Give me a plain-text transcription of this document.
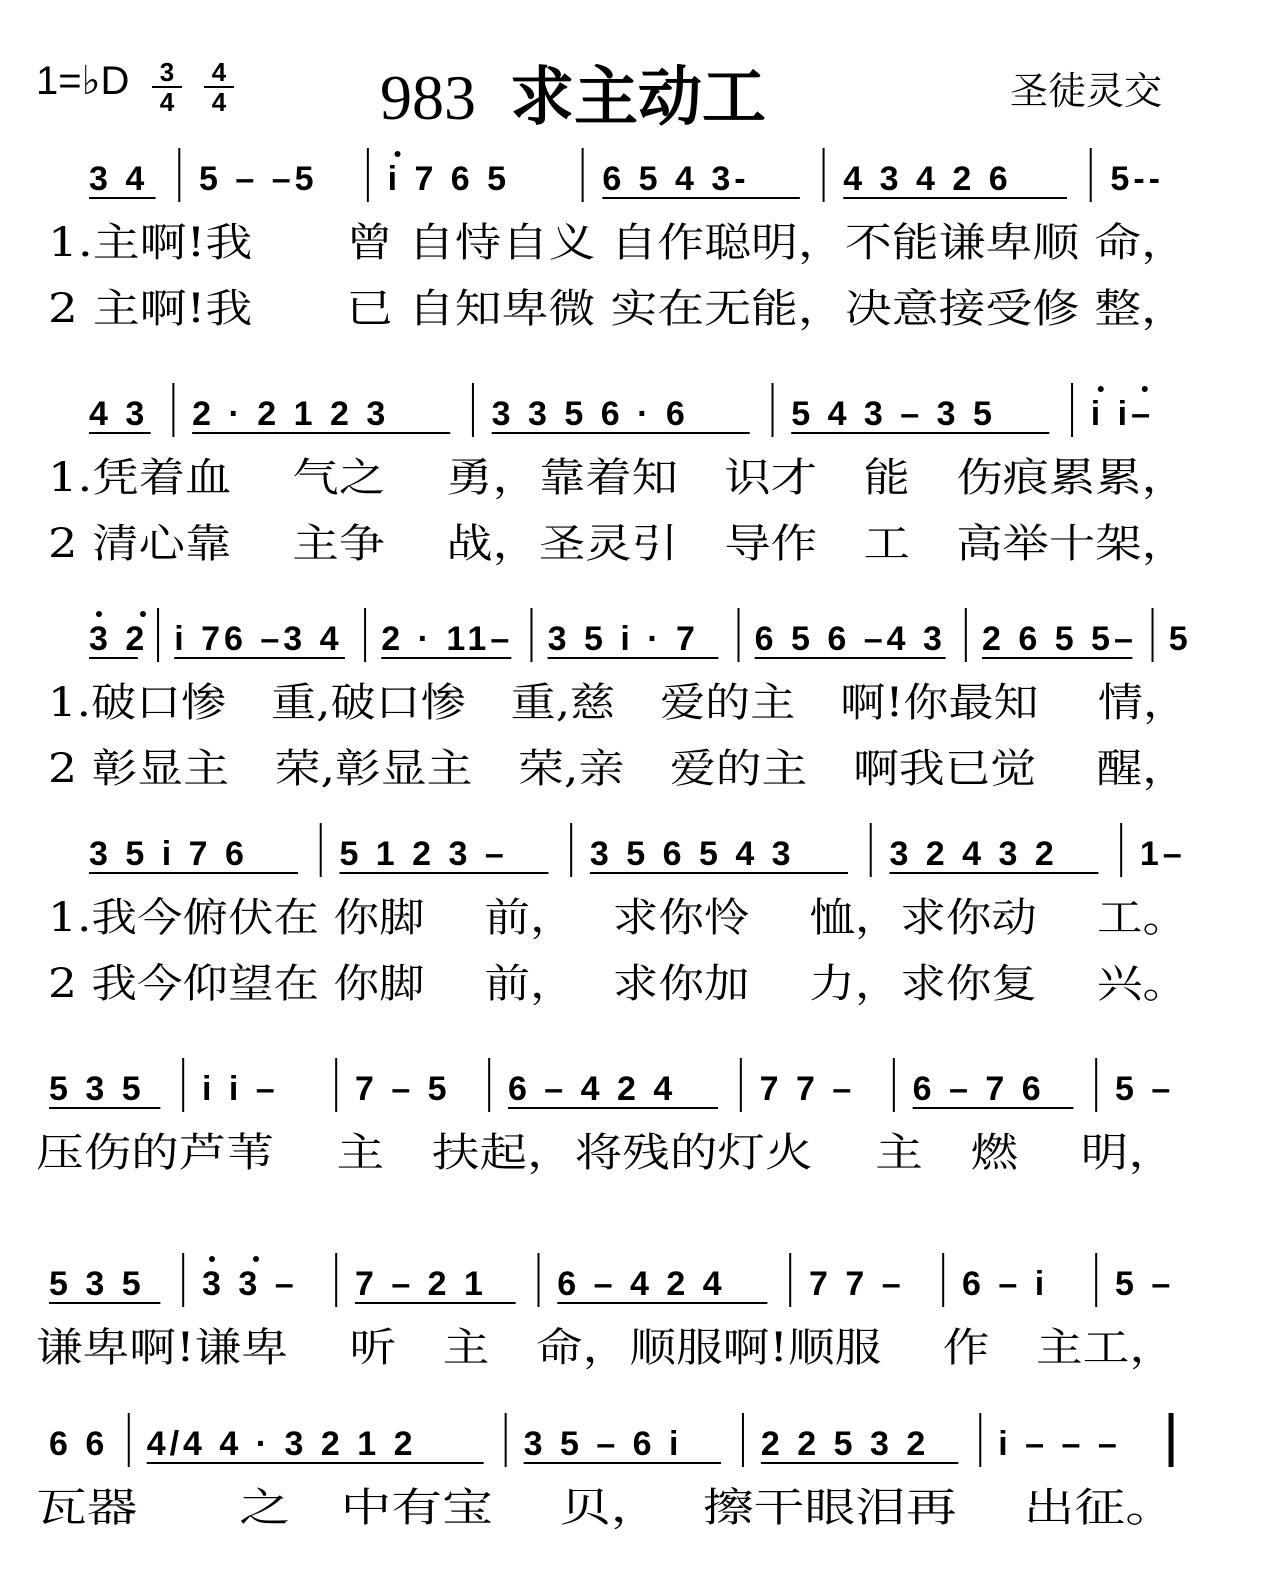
1=♭D 3
4
4
4	983 求主动工	圣徒灵交
3 4 5 – –5 i 7 6 5	6 5 4 3-	4 3 4 2 6	5--
1.主啊!我　　曾 自恃自义 自作聪明，不能谦卑顺 命，
2 主啊!我　　已 自知卑微 实在无能，决意接受修 整，
4 3 2 · 2 1 2 3	3 3 5 6 · 6	5 4 3 – 3 5	i i–
1.凭着血　 气之　 勇，靠着知　识才　能　伤痕累累，
2 清心靠　 主争　 战，圣灵引　导作　工　高举十架，
3 2 i 76 –3 4 2 · 11– 3 5 i · 7 6 5 6 –4 3 2 6 5 5– 5
1.破口惨　重,破口惨　重,慈　爱的主　啊!你最知　 情，
2 彰显主　荣,彰显主　荣,亲　爱的主　啊我已觉　 醒，
3 5 i 7 6	5 1 2 3 – 3 5 6 5 4 3	3 2 4 3 2 1–
1.我今俯伏在 你脚　 前，　 求你怜　 恤，求你动　 工。
2 我今仰望在 你脚　 前，　 求你加　 力，求你复　 兴。
5 3 5 i i – 7 – 5 6 – 4 2 4 7 7 – 6 – 7 6 5 –
压伤的芦苇　 主　扶起，将残的灯火　 主　燃　 明，
5 3 5 3 3 – 7 – 2 1 6 – 4 2 4 7 7 – 6 – i 5 –
谦卑啊!谦卑　 听　主　命，顺服啊!顺服　 作　主工，
6 6 4/4 4 · 3 2 1 2	3 5 – 6 i 2 2 5 3 2 i – – –
瓦器　　之　中有宝　 贝，　 擦干眼泪再　 出征。
